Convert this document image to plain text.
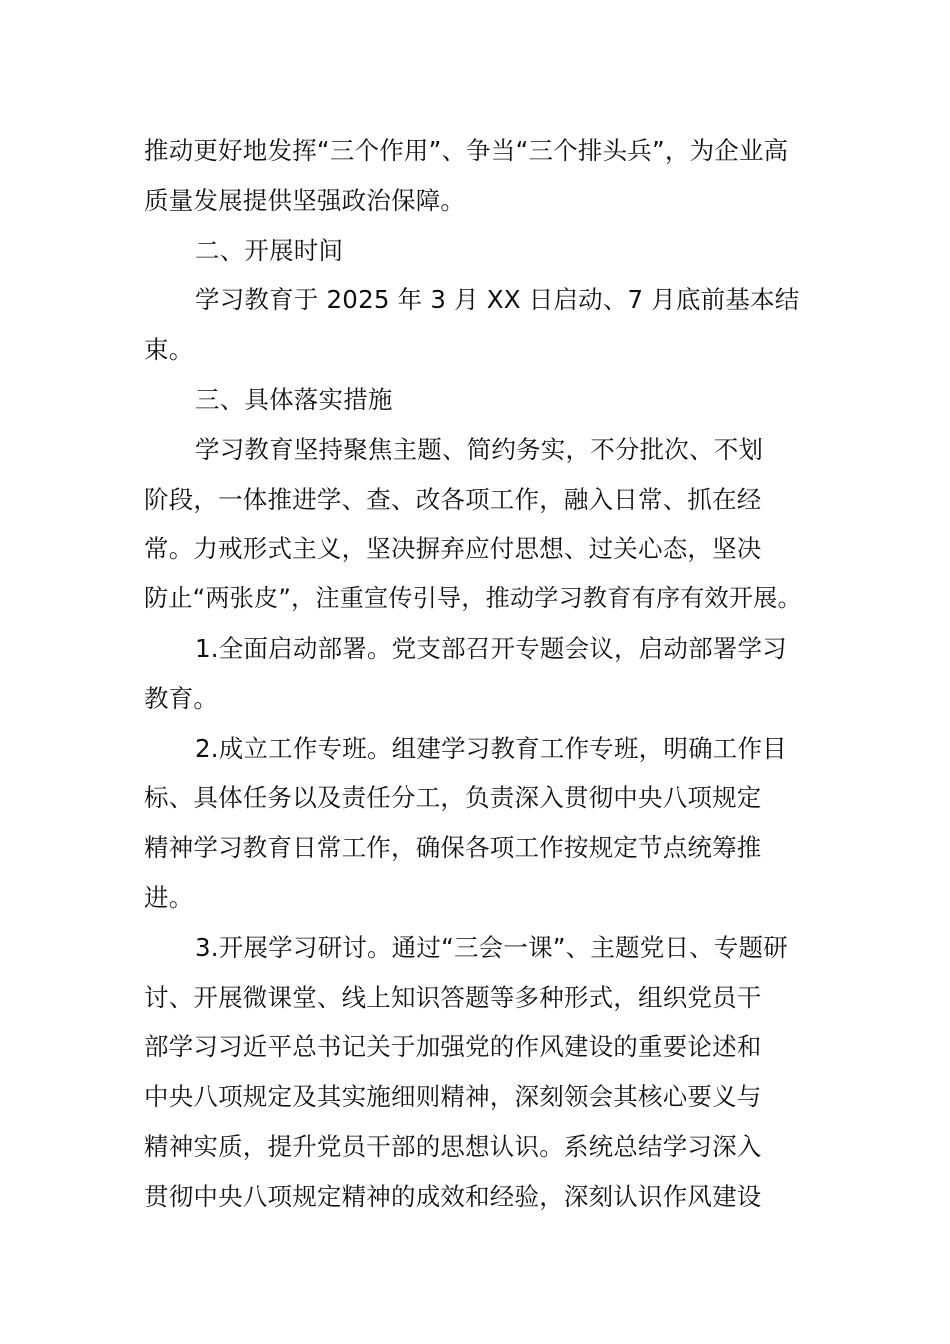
推动更好地发挥“三个作用”、争当“三个排头兵”，为企业高
质量发展提供坚强政治保障。
二、开展时间
学习教育于 2025 年 3 月 XX 日启动、7 月底前基本结
束。
三、具体落实措施
学习教育坚持聚焦主题、简约务实，不分批次、不划
阶段，一体推进学、查、改各项工作，融入日常、抓在经
常。力戒形式主义，坚决摒弃应付思想、过关心态，坚决
防止“两张皮”，注重宣传引导，推动学习教育有序有效开展。
1.全面启动部署。党支部召开专题会议，启动部署学习
教育。
2.成立工作专班。组建学习教育工作专班，明确工作目
标、具体任务以及责任分工，负责深入贯彻中央八项规定
精神学习教育日常工作，确保各项工作按规定节点统筹推
进。
3.开展学习研讨。通过“三会一课”、主题党日、专题研
讨、开展微课堂、线上知识答题等多种形式，组织党员干
部学习习近平总书记关于加强党的作风建设的重要论述和
中央八项规定及其实施细则精神，深刻领会其核心要义与
精神实质，提升党员干部的思想认识。系统总结学习深入
贯彻中央八项规定精神的成效和经验，深刻认识作风建设
